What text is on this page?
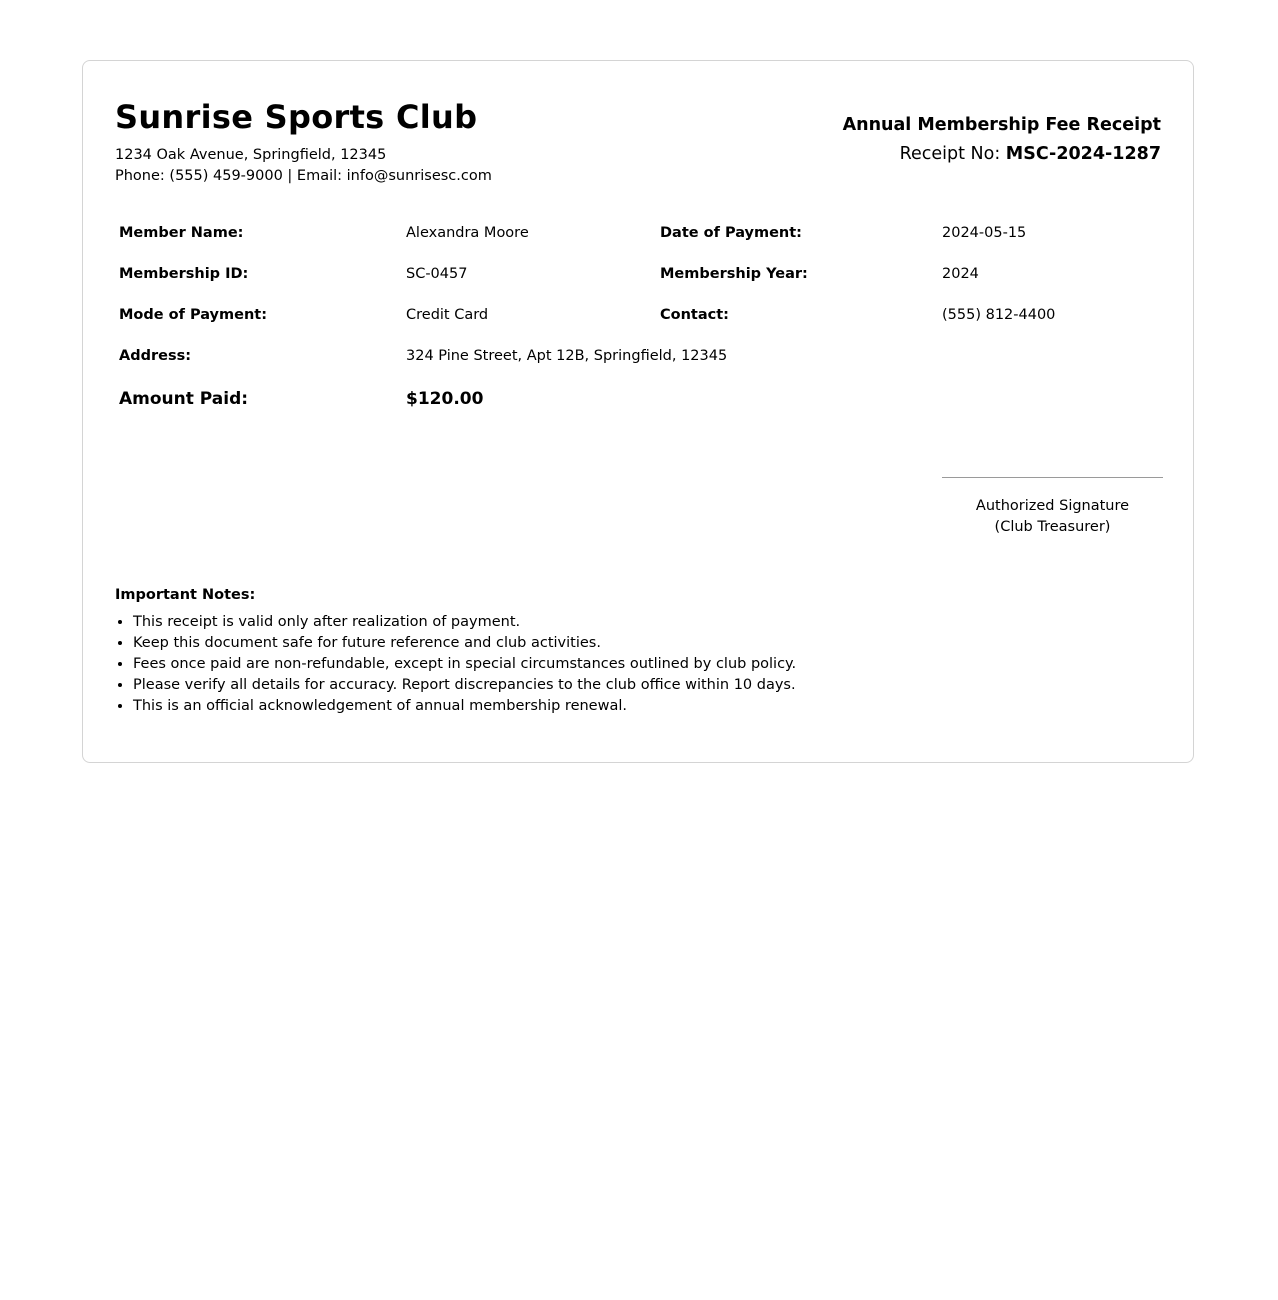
Sunrise Sports Club
1234 Oak Avenue, Springfield, 12345
Phone: (555) 459-9000 | Email: info@sunrisesc.com
Annual Membership Fee Receipt
Receipt No: MSC-2024-1287
Member Name:	Alexandra Moore	Date of Payment:	2024-05-15
Membership ID:	SC-0457	Membership Year:	2024
Mode of Payment:	Credit Card	Contact:	(555) 812-4400
Address:	324 Pine Street, Apt 12B, Springfield, 12345
Amount Paid:	$120.00
Authorized Signature
(Club Treasurer)
Important Notes:
• This receipt is valid only after realization of payment.
• Keep this document safe for future reference and club activities.
• Fees once paid are non-refundable, except in special circumstances outlined by club policy.
• Please verify all details for accuracy. Report discrepancies to the club office within 10 days.
• This is an official acknowledgement of annual membership renewal.
